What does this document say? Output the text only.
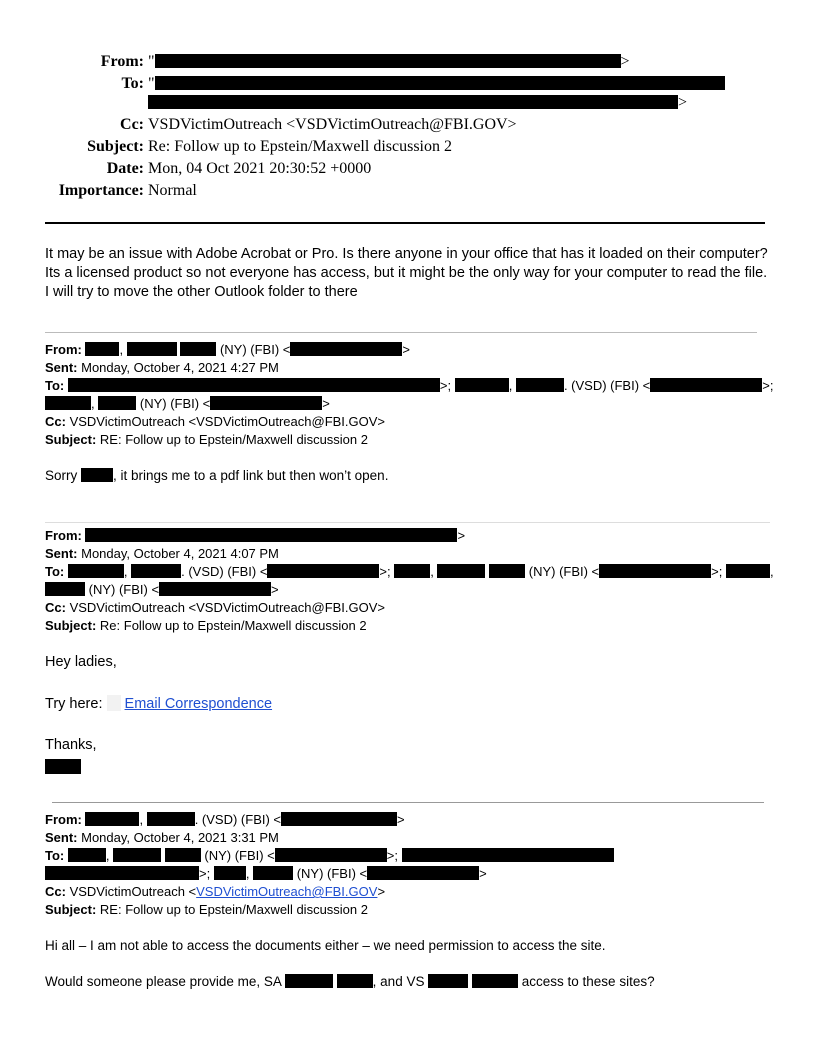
From: "	>
To: "
>
Cc: VSDVictimOutreach <VSDVictimOutreach@FBI.GOV>
Subject: Re: Follow up to Epstein/Maxwell discussion 2
Date: Mon, 04 Oct 2021 20:30:52 +0000
Importance: Normal
It may be an issue with Adobe Acrobat or Pro. Is there anyone in your office that has it loaded on their computer? Its a licensed product so not everyone has access, but it might be the only way for your computer to read the file. I will try to move the other Outlook folder to there
From:	,	(NY) (FBI) <	>
Sent: Monday, October 4, 2021 4:27 PM
To:	>;	,	. (VSD) (FBI) <	>;
,	(NY) (FBI) <	>
Cc: VSDVictimOutreach <VSDVictimOutreach@FBI.GOV>
Subject: RE: Follow up to Epstein/Maxwell discussion 2
Sorry	, it brings me to a pdf link but then won’t open.
From:	>
Sent: Monday, October 4, 2021 4:07 PM
To:	,	. (VSD) (FBI) <	>;	,	(NY) (FBI) <	>;	,
(NY) (FBI) <	>
Cc: VSDVictimOutreach <VSDVictimOutreach@FBI.GOV>
Subject: Re: Follow up to Epstein/Maxwell discussion 2
Hey ladies,
Try here: Email Correspondence
Thanks,
From:	,	. (VSD) (FBI) <	>
Sent: Monday, October 4, 2021 3:31 PM
To:	,	(NY) (FBI) <	>;
>; ,	(NY) (FBI) <	>
Cc: VSDVictimOutreach <VSDVictimOutreach@FBI.GOV>
Subject: RE: Follow up to Epstein/Maxwell discussion 2
Hi all – I am not able to access the documents either – we need permission to access the site.
Would someone please provide me, SA	, and VS	access to these sites?
